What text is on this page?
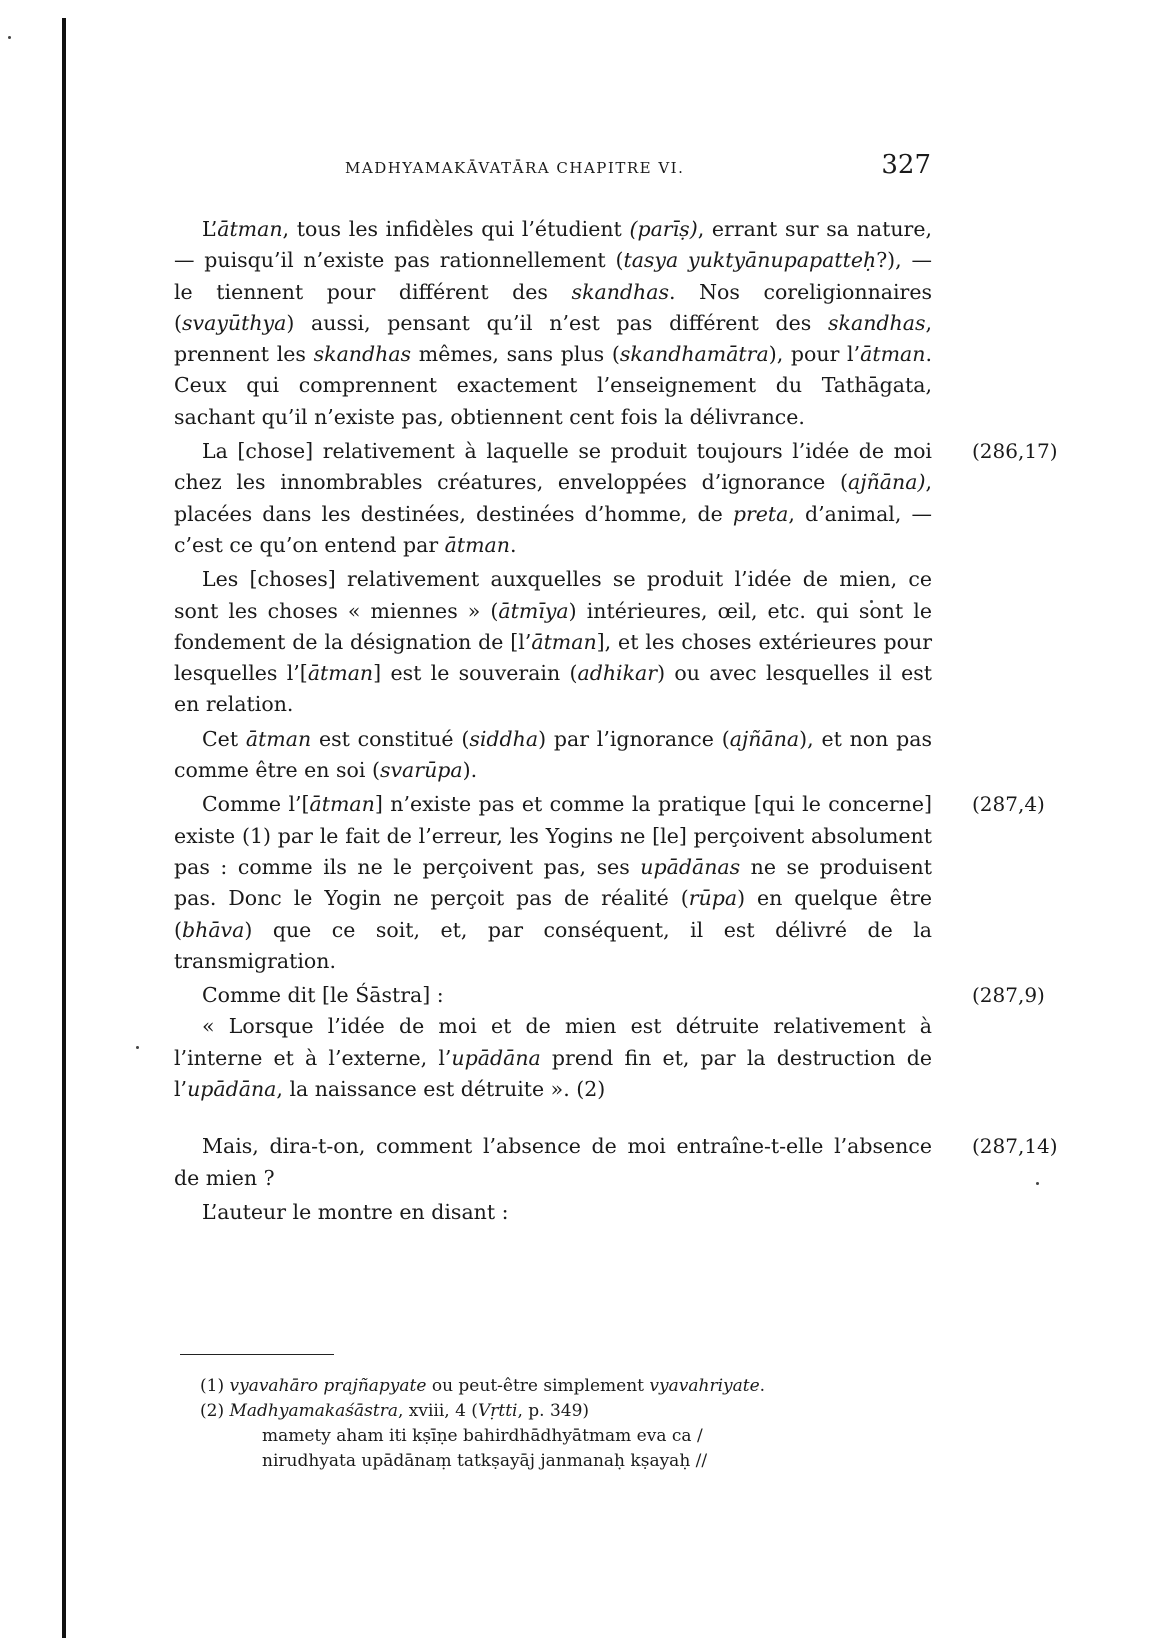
MADHYAMAKĀVATĀRA CHAPITRE VI.	327

L’ātman, tous les infidèles qui l’étudient (parīṣ), errant sur sa nature, — puisqu’il n’existe pas rationnellement (tasya yuktyānupapatteḥ?), — le tiennent pour différent des skandhas. Nos coreligionnaires (svayūthya) aussi, pensant qu’il n’est pas différent des skandhas, prennent les skandhas mêmes, sans plus (skandhamātra), pour l’ātman. Ceux qui comprennent exactement l’enseignement du Tathāgata, sachant qu’il n’existe pas, obtiennent cent fois la délivrance.

(286,17)
La [chose] relativement à laquelle se produit toujours l’idée de moi chez les innombrables créatures, enveloppées d’ignorance (ajñāna), placées dans les destinées, destinées d’homme, de preta, d’animal, — c’est ce qu’on entend par ātman.

Les [choses] relativement auxquelles se produit l’idée de mien, ce sont les choses « miennes » (ātmīya) intérieures, œil, etc. qui sont le fondement de la désignation de [l’ātman], et les choses extérieures pour lesquelles l’[ātman] est le souverain (adhikar) ou avec lesquelles il est en relation.

Cet ātman est constitué (siddha) par l’ignorance (ajñāna), et non pas comme être en soi (svarūpa).

(287,4)
Comme l’[ātman] n’existe pas et comme la pratique [qui le concerne] existe (1) par le fait de l’erreur, les Yogins ne [le] perçoivent absolument pas : comme ils ne le perçoivent pas, ses upādānas ne se produisent pas. Donc le Yogin ne perçoit pas de réalité (rūpa) en quelque être (bhāva) que ce soit, et, par conséquent, il est délivré de la transmigration.

(287,9)
Comme dit [le Śāstra] :

« Lorsque l’idée de moi et de mien est détruite relativement à l’interne et à l’externe, l’upādāna prend fin et, par la destruction de l’upādāna, la naissance est détruite ». (2)

(287,14)
Mais, dira-t-on, comment l’absence de moi entraîne-t-elle l’absence de mien ?

L’auteur le montre en disant :

(1) vyavahāro prajñapyate ou peut-être simplement vyavahriyate.

(2) Madhyamakaśāstra, xviii, 4 (Vṛtti, p. 349)

mamety aham iti kṣīṇe bahirdhādhyātmam eva ca /

nirudhyata upādānaṃ tatkṣayāj janmanaḥ kṣayaḥ //
